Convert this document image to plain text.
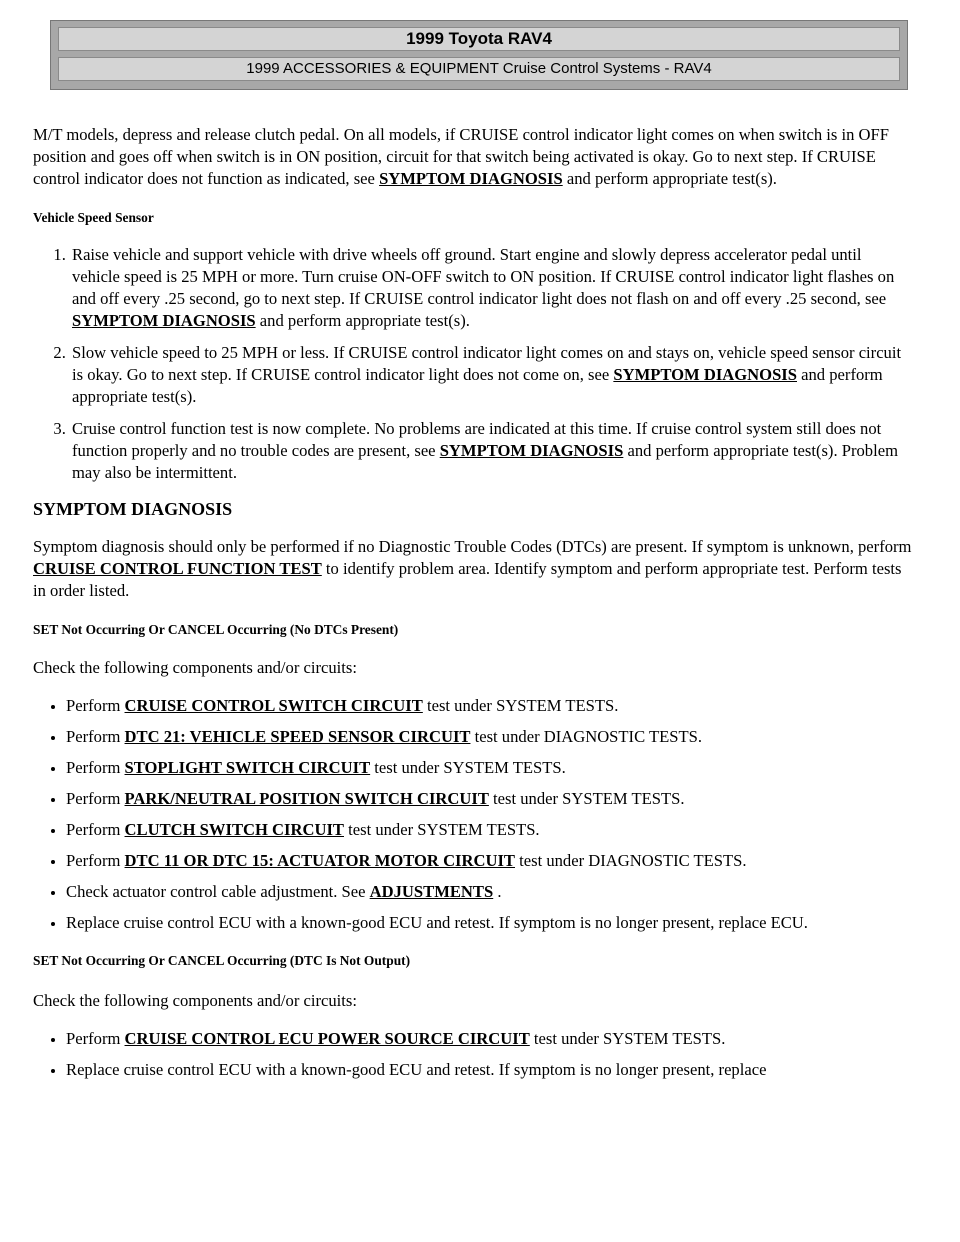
1999 Toyota RAV4
1999 ACCESSORIES & EQUIPMENT Cruise Control Systems - RAV4

M/T models, depress and release clutch pedal. On all models, if CRUISE control indicator light comes on when switch is in OFF position and goes off when switch is in ON position, circuit for that switch being activated is okay. Go to next step. If CRUISE control indicator does not function as indicated, see SYMPTOM DIAGNOSIS and perform appropriate test(s).

Vehicle Speed Sensor

1. Raise vehicle and support vehicle with drive wheels off ground. Start engine and slowly depress accelerator pedal until vehicle speed is 25 MPH or more. Turn cruise ON-OFF switch to ON position. If CRUISE control indicator light flashes on and off every .25 second, go to next step. If CRUISE control indicator light does not flash on and off every .25 second, see SYMPTOM DIAGNOSIS and perform appropriate test(s).
2. Slow vehicle speed to 25 MPH or less. If CRUISE control indicator light comes on and stays on, vehicle speed sensor circuit is okay. Go to next step. If CRUISE control indicator light does not come on, see SYMPTOM DIAGNOSIS and perform appropriate test(s).
3. Cruise control function test is now complete. No problems are indicated at this time. If cruise control system still does not function properly and no trouble codes are present, see SYMPTOM DIAGNOSIS and perform appropriate test(s). Problem may also be intermittent.

SYMPTOM DIAGNOSIS

Symptom diagnosis should only be performed if no Diagnostic Trouble Codes (DTCs) are present. If symptom is unknown, perform CRUISE CONTROL FUNCTION TEST to identify problem area. Identify symptom and perform appropriate test. Perform tests in order listed.

SET Not Occurring Or CANCEL Occurring (No DTCs Present)

Check the following components and/or circuits:

• Perform CRUISE CONTROL SWITCH CIRCUIT test under SYSTEM TESTS.
• Perform DTC 21: VEHICLE SPEED SENSOR CIRCUIT test under DIAGNOSTIC TESTS.
• Perform STOPLIGHT SWITCH CIRCUIT test under SYSTEM TESTS.
• Perform PARK/NEUTRAL POSITION SWITCH CIRCUIT test under SYSTEM TESTS.
• Perform CLUTCH SWITCH CIRCUIT test under SYSTEM TESTS.
• Perform DTC 11 OR DTC 15: ACTUATOR MOTOR CIRCUIT test under DIAGNOSTIC TESTS.
• Check actuator control cable adjustment. See ADJUSTMENTS .
• Replace cruise control ECU with a known-good ECU and retest. If symptom is no longer present, replace ECU.

SET Not Occurring Or CANCEL Occurring (DTC Is Not Output)

Check the following components and/or circuits:

• Perform CRUISE CONTROL ECU POWER SOURCE CIRCUIT test under SYSTEM TESTS.
• Replace cruise control ECU with a known-good ECU and retest. If symptom is no longer present, replace
